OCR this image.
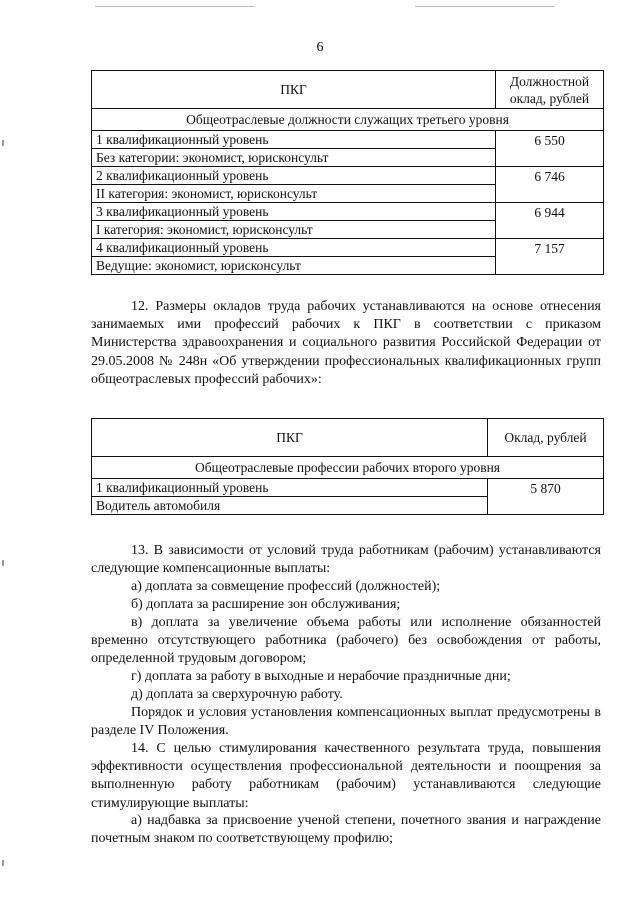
6
ПКГ	Должностной оклад, рублей
Общеотраслевые должности служащих третьего уровня	
1 квалификационный уровень	6 550
Без категории: экономист, юрисконсульт	
2 квалификационный уровень	6 746
II категория: экономист, юрисконсульт	
3 квалификационный уровень	6 944
I категория: экономист, юрисконсульт	
4 квалификационный уровень	7 157
Ведущие: экономист, юрисконсульт	

12. Размеры окладов труда рабочих устанавливаются на основе отнесения занимаемых ими профессий рабочих к ПКГ в соответствии с приказом Министерства здравоохранения и социального развития Российской Федерации от 29.05.2008 № 248н «Об утверждении профессиональных квалификационных групп общеотраслевых профессий рабочих»:

ПКГ	Оклад, рублей
Общеотраслевые профессии рабочих второго уровня	
1 квалификационный уровень	5 870
Водитель автомобиля	

13. В зависимости от условий труда работникам (рабочим) устанавливаются следующие компенсационные выплаты:

а) доплата за совмещение профессий (должностей);

б) доплата за расширение зон обслуживания;

в) доплата за увеличение объема работы или исполнение обязанностей временно отсутствующего работника (рабочего) без освобождения от работы, определенной трудовым договором;

г) доплата за работу в выходные и нерабочие праздничные дни;

д) доплата за сверхурочную работу.

Порядок и условия установления компенсационных выплат предусмотрены в разделе IV Положения.

14. С целью стимулирования качественного результата труда, повышения эффективности осуществления профессиональной деятельности и поощрения за выполненную работу работникам (рабочим) устанавливаются следующие стимулирующие выплаты:

а) надбавка за присвоение ученой степени, почетного звания и награждение почетным знаком по соответствующему профилю;
